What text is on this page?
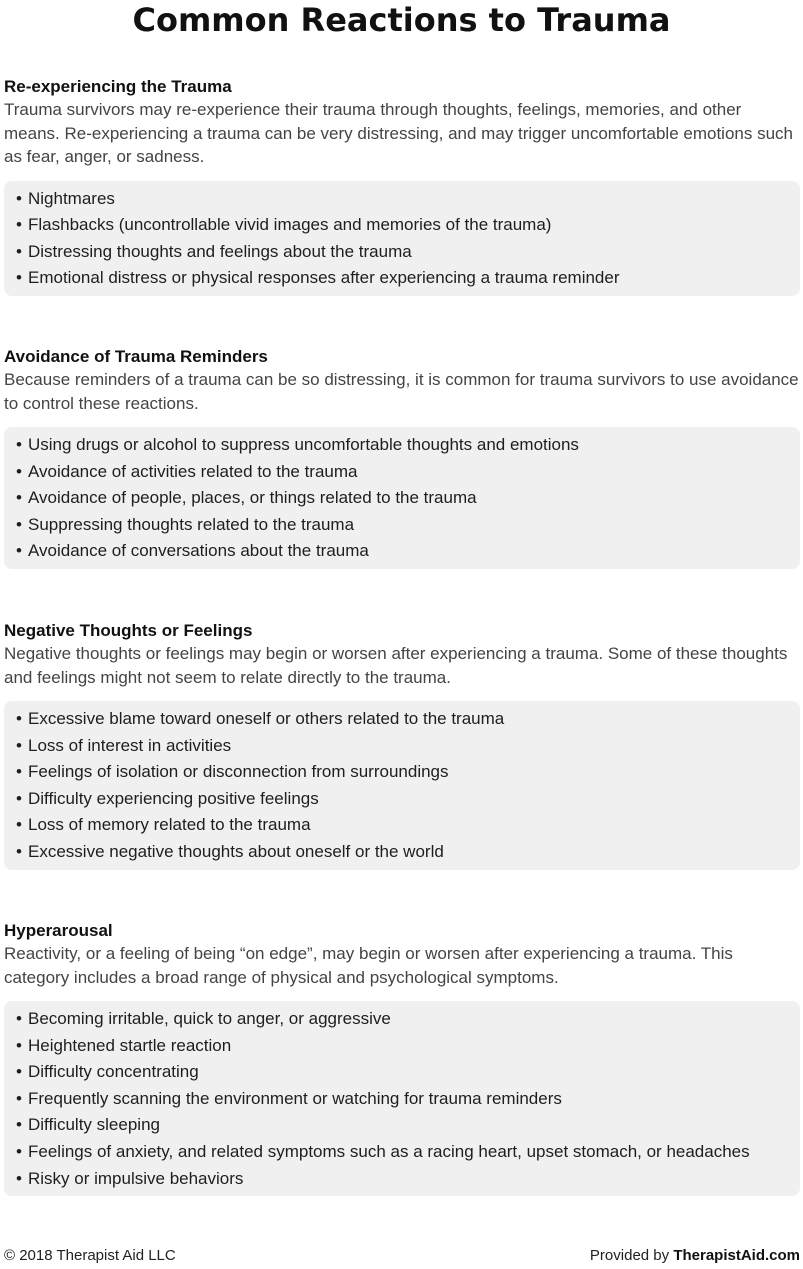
Common Reactions to Trauma
Re-experiencing the Trauma

Trauma survivors may re-experience their trauma through thoughts, feelings, memories, and other means. Re-experiencing a trauma can be very distressing, and may trigger uncomfortable emotions such as fear, anger, or sadness.

• Nightmares
• Flashbacks (uncontrollable vivid images and memories of the trauma)
• Distressing thoughts and feelings about the trauma
• Emotional distress or physical responses after experiencing a trauma reminder
Avoidance of Trauma Reminders

Because reminders of a trauma can be so distressing, it is common for trauma survivors to use avoidance to control these reactions.

• Using drugs or alcohol to suppress uncomfortable thoughts and emotions
• Avoidance of activities related to the trauma
• Avoidance of people, places, or things related to the trauma
• Suppressing thoughts related to the trauma
• Avoidance of conversations about the trauma
Negative Thoughts or Feelings

Negative thoughts or feelings may begin or worsen after experiencing a trauma. Some of these thoughts and feelings might not seem to relate directly to the trauma.

• Excessive blame toward oneself or others related to the trauma
• Loss of interest in activities
• Feelings of isolation or disconnection from surroundings
• Difficulty experiencing positive feelings
• Loss of memory related to the trauma
• Excessive negative thoughts about oneself or the world
Hyperarousal

Reactivity, or a feeling of being “on edge”, may begin or worsen after experiencing a trauma. This category includes a broad range of physical and psychological symptoms.

• Becoming irritable, quick to anger, or aggressive
• Heightened startle reaction
• Difficulty concentrating
• Frequently scanning the environment or watching for trauma reminders
• Difficulty sleeping
• Feelings of anxiety, and related symptoms such as a racing heart, upset stomach, or headaches
• Risky or impulsive behaviors
© 2018 Therapist Aid LLC	Provided by TherapistAid.com
